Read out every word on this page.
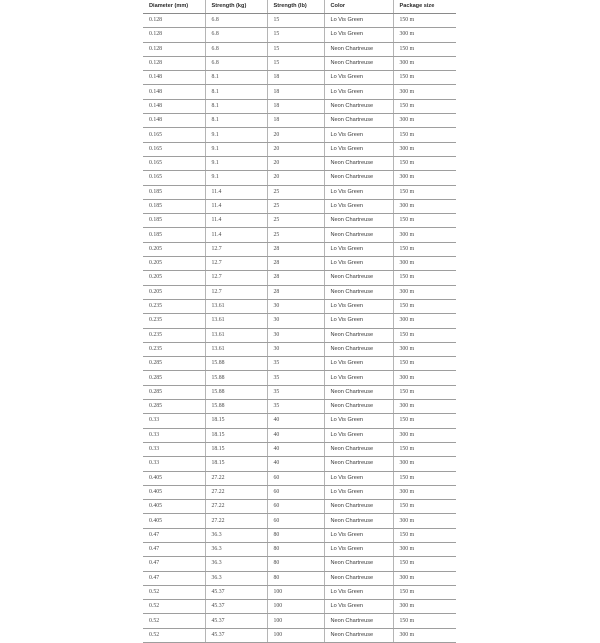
Diameter (mm)	Strength (kg)	Strength (lb)	Color	Package size
0.128	6.8	15	Lo Vis Green	150 m
0.128	6.8	15	Lo Vis Green	300 m
0.128	6.8	15	Neon Chartreuse	150 m
0.128	6.8	15	Neon Chartreuse	300 m
0.148	8.1	18	Lo Vis Green	150 m
0.148	8.1	18	Lo Vis Green	300 m
0.148	8.1	18	Neon Chartreuse	150 m
0.148	8.1	18	Neon Chartreuse	300 m
0.165	9.1	20	Lo Vis Green	150 m
0.165	9.1	20	Lo Vis Green	300 m
0.165	9.1	20	Neon Chartreuse	150 m
0.165	9.1	20	Neon Chartreuse	300 m
0.185	11.4	25	Lo Vis Green	150 m
0.185	11.4	25	Lo Vis Green	300 m
0.185	11.4	25	Neon Chartreuse	150 m
0.185	11.4	25	Neon Chartreuse	300 m
0.205	12.7	28	Lo Vis Green	150 m
0.205	12.7	28	Lo Vis Green	300 m
0.205	12.7	28	Neon Chartreuse	150 m
0.205	12.7	28	Neon Chartreuse	300 m
0.235	13.61	30	Lo Vis Green	150 m
0.235	13.61	30	Lo Vis Green	300 m
0.235	13.61	30	Neon Chartreuse	150 m
0.235	13.61	30	Neon Chartreuse	300 m
0.285	15.88	35	Lo Vis Green	150 m
0.285	15.88	35	Lo Vis Green	300 m
0.285	15.88	35	Neon Chartreuse	150 m
0.285	15.88	35	Neon Chartreuse	300 m
0.33	18.15	40	Lo Vis Green	150 m
0.33	18.15	40	Lo Vis Green	300 m
0.33	18.15	40	Neon Chartreuse	150 m
0.33	18.15	40	Neon Chartreuse	300 m
0.405	27.22	60	Lo Vis Green	150 m
0.405	27.22	60	Lo Vis Green	300 m
0.405	27.22	60	Neon Chartreuse	150 m
0.405	27.22	60	Neon Chartreuse	300 m
0.47	36.3	80	Lo Vis Green	150 m
0.47	36.3	80	Lo Vis Green	300 m
0.47	36.3	80	Neon Chartreuse	150 m
0.47	36.3	80	Neon Chartreuse	300 m
0.52	45.37	100	Lo Vis Green	150 m
0.52	45.37	100	Lo Vis Green	300 m
0.52	45.37	100	Neon Chartreuse	150 m
0.52	45.37	100	Neon Chartreuse	300 m
